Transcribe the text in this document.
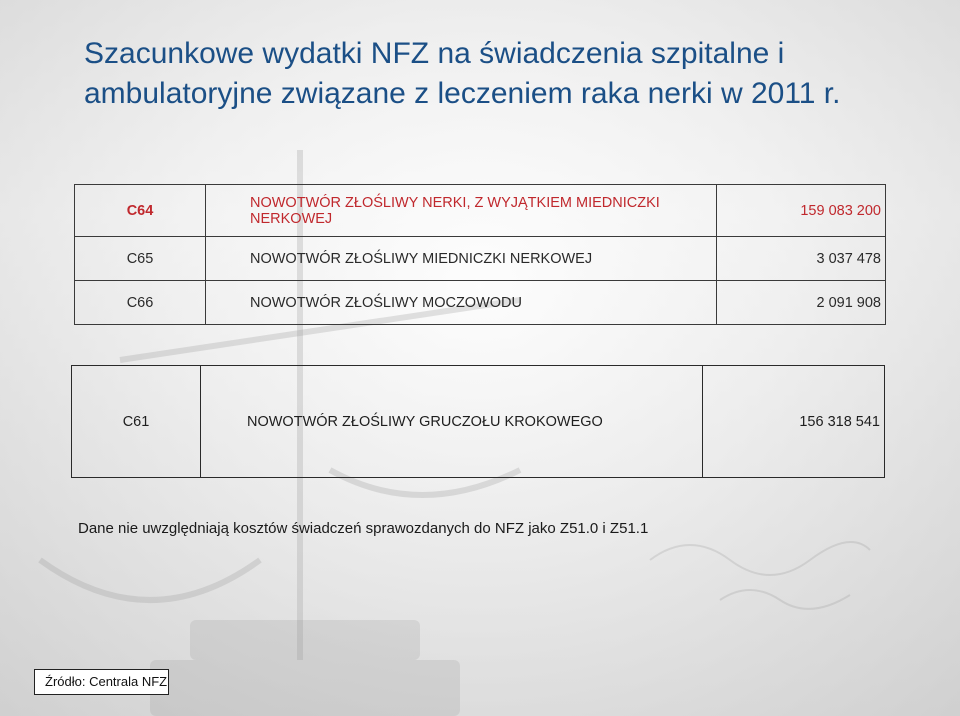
Szacunkowe wydatki NFZ na świadczenia szpitalne i
ambulatoryjne związane z leczeniem raka nerki w 2011 r.
C64	NOWOTWÓR ZŁOŚLIWY NERKI, Z WYJĄTKIEM MIEDNICZKI NERKOWEJ	159 083 200
C65	NOWOTWÓR ZŁOŚLIWY MIEDNICZKI NERKOWEJ	3 037 478
C66	NOWOTWÓR ZŁOŚLIWY MOCZOWODU	2 091 908
C61	NOWOTWÓR ZŁOŚLIWY GRUCZOŁU KROKOWEGO	156 318 541
Dane nie uwzględniają kosztów świadczeń sprawozdanych do NFZ jako Z51.0 i Z51.1
Źródło: Centrala NFZ
